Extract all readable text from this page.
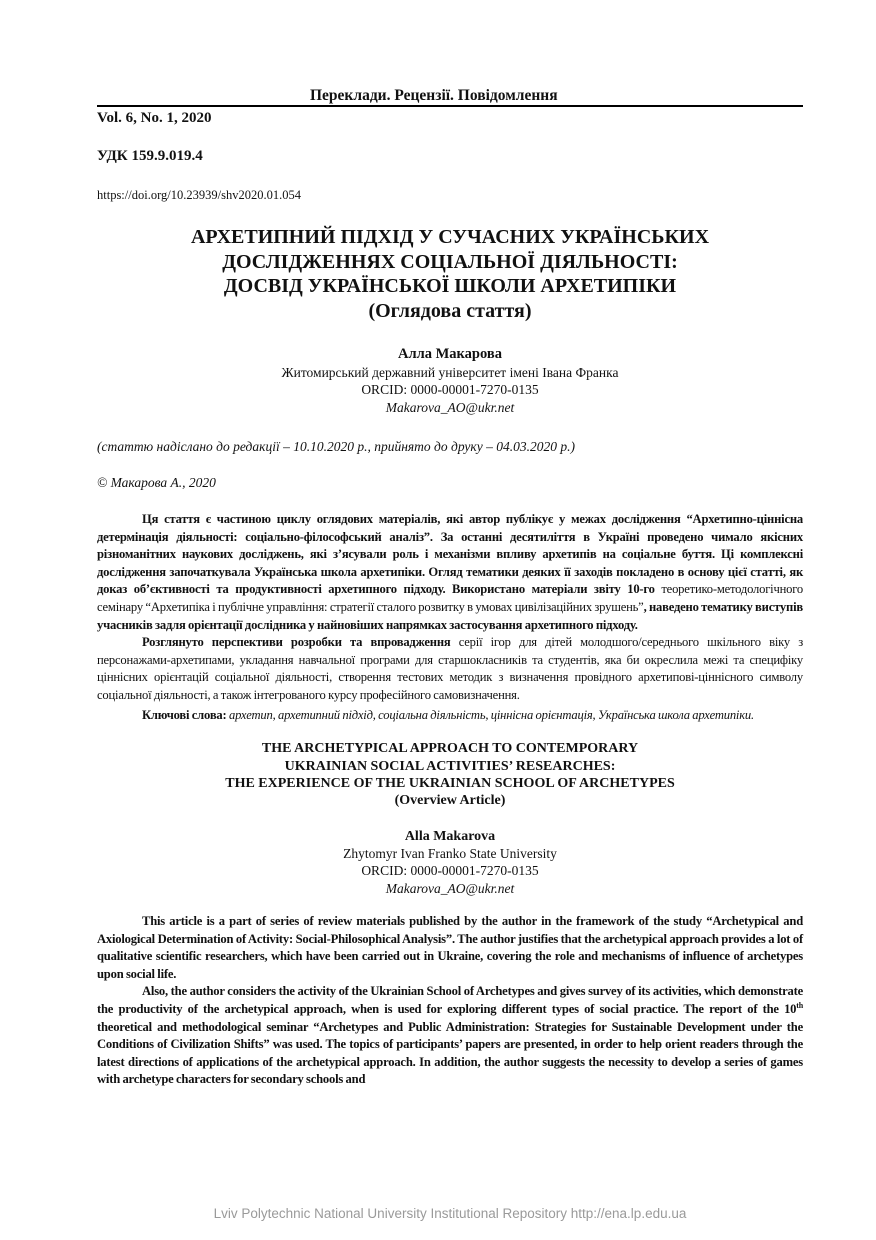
Переклади. Рецензії. Повідомлення
Vol. 6, No. 1, 2020
УДК 159.9.019.4
https://doi.org/10.23939/shv2020.01.054
АРХЕТИПНИЙ ПІДХІД У СУЧАСНИХ УКРАЇНСЬКИХ
ДОСЛІДЖЕННЯХ СОЦІАЛЬНОЇ ДІЯЛЬНОСТІ:
ДОСВІД УКРАЇНСЬКОЇ ШКОЛИ АРХЕТИПІКИ
(Оглядова стаття)
Алла Макарова
Житомирський державний університет імені Івана Франка
ORCID: 0000-00001-7270-0135
Makarova_AO@ukr.net
(статтю надіслано до редакції – 10.10.2020 р., прийнято до друку – 04.03.2020 р.)
© Макарова А., 2020

Ця стаття є частиною циклу оглядових матеріалів, які автор публікує у межах дослідження “Архетипно-ціннісна детермінація діяльності: соціально-філософський аналіз”. За останні десятиліття в Україні проведено чимало якісних різноманітних наукових досліджень, які з’ясували роль і механізми впливу архетипів на соціальне буття. Ці комплексні дослідження започаткувала Українська школа архетипіки. Огляд тематики деяких її заходів покладено в основу цієї статті, як доказ об’єктивності та продуктивності архетипного підходу. Використано матеріали звіту 10-го теоретико-методологічного семінару “Архетипіка і публічне управління: стратегії сталого розвитку в умовах цивілізаційних зрушень”, наведено тематику виступів учасників задля орієнтації дослідника у найновіших напрямках застосування архетипного підходу.

Розглянуто перспективи розробки та впровадження серії ігор для дітей молодшого/середнього шкільного віку з персонажами-архетипами, укладання навчальної програми для старшокласників та студентів, яка би окреслила межі та специфіку ціннісних орієнтацій соціальної діяльності, створення тестових методик з визначення провідного архетипові-ціннісного символу соціальної діяльності, а також інтегрованого курсу професійного самовизначення.

Ключові слова: архетип, архетипний підхід, соціальна діяльність, ціннісна орієнтація, Українська школа архетипіки.

THE ARCHETYPICAL APPROACH TO CONTEMPORARY
UKRAINIAN SOCIAL ACTIVITIES’ RESEARCHES:
THE EXPERIENCE OF THE UKRAINIAN SCHOOL OF ARCHETYPES
(Overview Article)
Alla Makarova
Zhytomyr Ivan Franko State University
ORCID: 0000-00001-7270-0135
Makarova_AO@ukr.net

This article is a part of series of review materials published by the author in the framework of the study “Archetypical and Axiological Determination of Activity: Social-Philosophical Analysis”. The author justifies that the archetypical approach provides a lot of qualitative scientific researchers, which have been carried out in Ukraine, covering the role and mechanisms of influence of archetypes upon social life.

Also, the author considers the activity of the Ukrainian School of Archetypes and gives survey of its activities, which demonstrate the productivity of the archetypical approach, when is used for exploring different types of social practice. The report of the 10th theoretical and methodological seminar “Archetypes and Public Administration: Strategies for Sustainable Development under the Conditions of Civilization Shifts” was used. The topics of participants’ papers are presented, in order to help orient readers through the latest directions of applications of the archetypical approach. In addition, the author suggests the necessity to develop a series of games with archetype characters for secondary schools and

Lviv Polytechnic National University Institutional Repository http://ena.lp.edu.ua
